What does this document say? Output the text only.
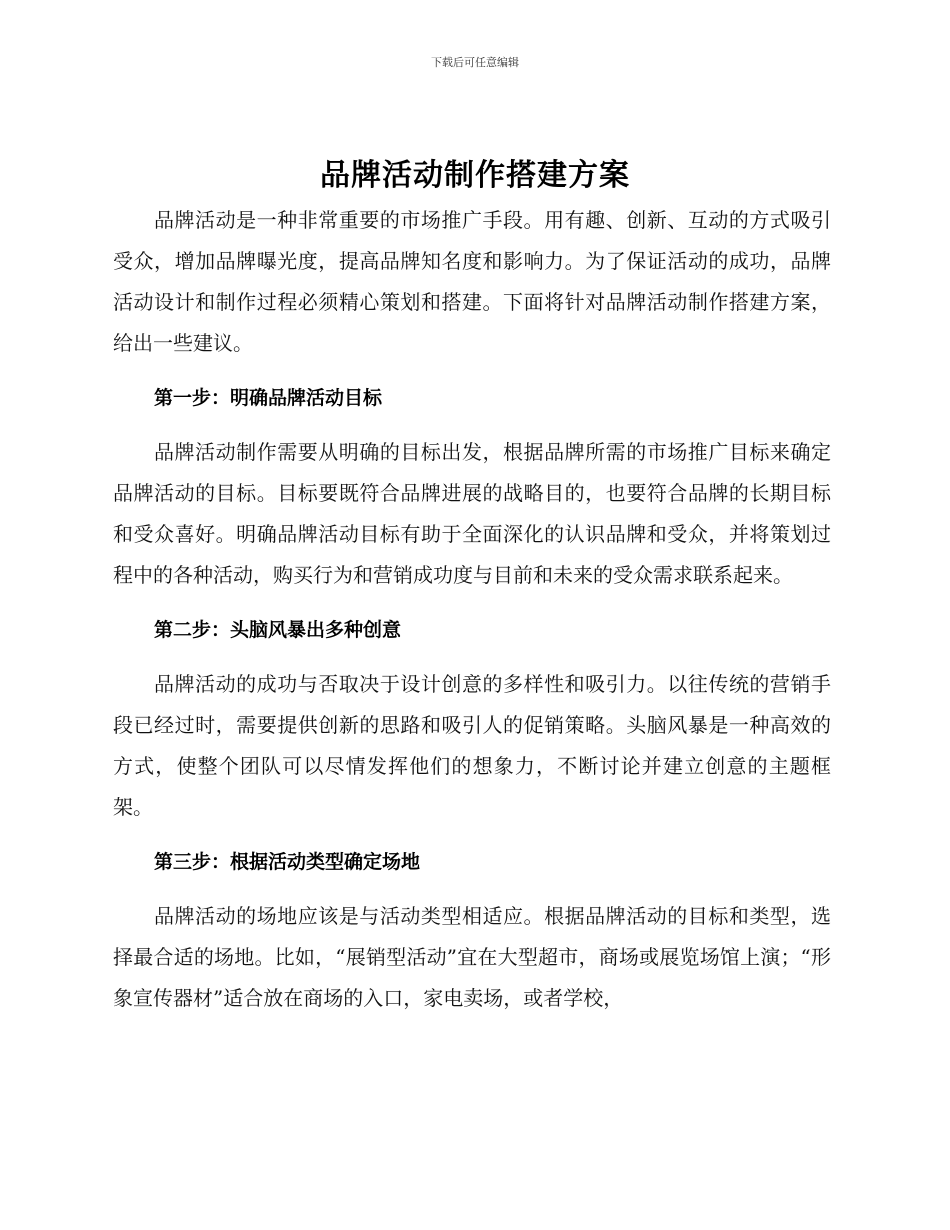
下载后可任意编辑
品牌活动制作搭建方案

品牌活动是一种非常重要的市场推广手段。用有趣、创新、互动的方式吸引受众，增加品牌曝光度，提高品牌知名度和影响力。为了保证活动的成功，品牌活动设计和制作过程必须精心策划和搭建。下面将针对品牌活动制作搭建方案，给出一些建议。

第一步：明确品牌活动目标

品牌活动制作需要从明确的目标出发，根据品牌所需的市场推广目标来确定品牌活动的目标。目标要既符合品牌进展的战略目的，也要符合品牌的长期目标和受众喜好。明确品牌活动目标有助于全面深化的认识品牌和受众，并将策划过程中的各种活动，购买行为和营销成功度与目前和未来的受众需求联系起来。

第二步：头脑风暴出多种创意

品牌活动的成功与否取决于设计创意的多样性和吸引力。以往传统的营销手段已经过时，需要提供创新的思路和吸引人的促销策略。头脑风暴是一种高效的方式，使整个团队可以尽情发挥他们的想象力，不断讨论并建立创意的主题框架。

第三步：根据活动类型确定场地

品牌活动的场地应该是与活动类型相适应。根据品牌活动的目标和类型，选择最合适的场地。比如，“展销型活动”宜在大型超市，商场或展览场馆上演；“形象宣传器材”适合放在商场的入口，家电卖场，或者学校，
